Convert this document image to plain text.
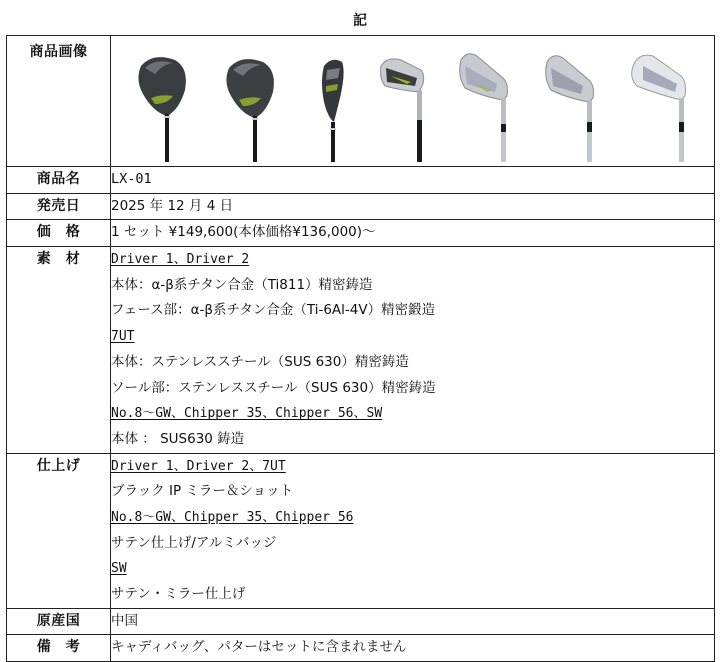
記
商品画像	

商品名	LX-01
発売日	2025 年 12 月 4 日
価　格	1 セット ¥149,600(本体価格¥136,000)～

素　材	Driver 1、Driver 2
本体：α-β系チタン合金（Ti811）精密鋳造
フェース部：α-β系チタン合金（Ti-6Al-4V）精密鍛造
7UT
本体：ステンレススチール（SUS 630）精密鋳造
ソール部：ステンレススチール（SUS 630）精密鋳造
No.8～GW、Chipper 35、Chipper 56、SW
本体 ： SUS630 鋳造

仕上げ	Driver 1、Driver 2、7UT
ブラック IP ミラー＆ショット
No.8～GW、Chipper 35、Chipper 56
サテン仕上げ/アルミバッジ
SW
サテン・ミラー仕上げ

原産国	中国
備　考	キャディバッグ、パターはセットに含まれません
